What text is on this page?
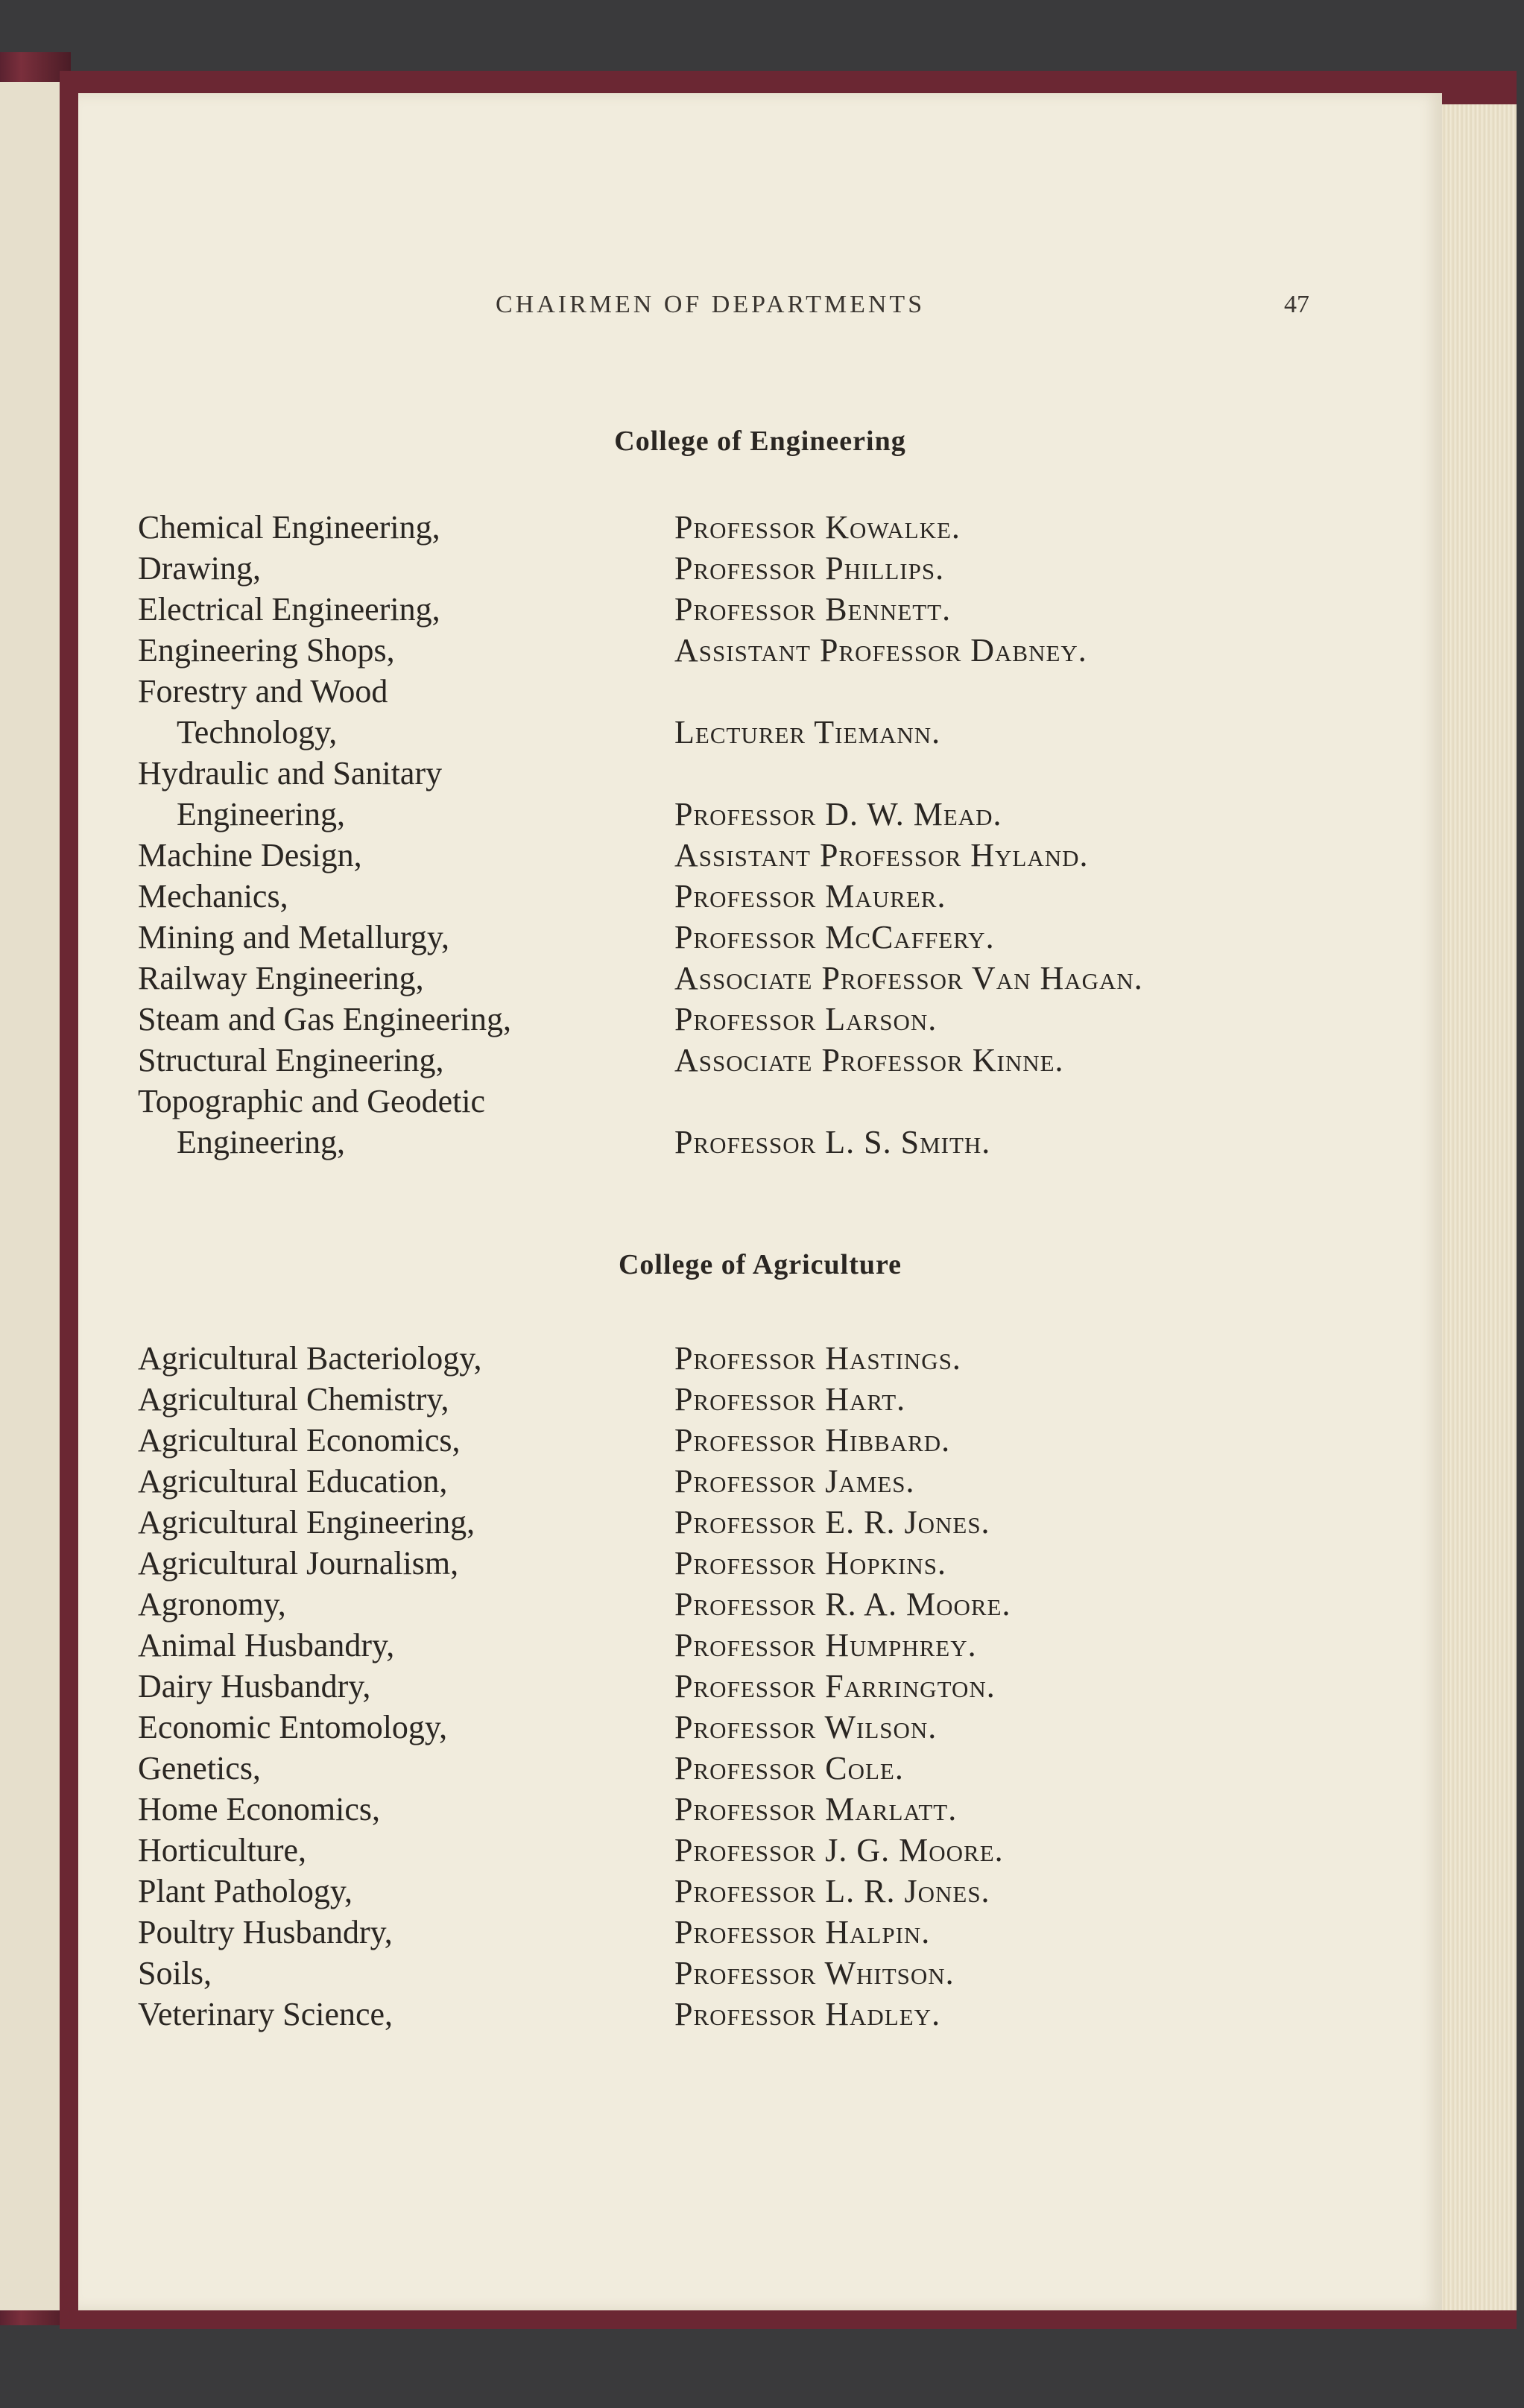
CHAIRMEN OF DEPARTMENTS	47
College of Engineering
Chemical Engineering,	Professor Kowalke.
Drawing,	Professor Phillips.
Electrical Engineering,	Professor Bennett.
Engineering Shops,	Assistant Professor Dabney.
Forestry and Wood
Technology,	Lecturer Tiemann.
Hydraulic and Sanitary
Engineering,	Professor D. W. Mead.
Machine Design,	Assistant Professor Hyland.
Mechanics,	Professor Maurer.
Mining and Metallurgy,	Professor McCaffery.
Railway Engineering,	Associate Professor Van Hagan.
Steam and Gas Engineering,	Professor Larson.
Structural Engineering,	Associate Professor Kinne.
Topographic and Geodetic
Engineering,	Professor L. S. Smith.
College of Agriculture
Agricultural Bacteriology,	Professor Hastings.
Agricultural Chemistry,	Professor Hart.
Agricultural Economics,	Professor Hibbard.
Agricultural Education,	Professor James.
Agricultural Engineering,	Professor E. R. Jones.
Agricultural Journalism,	Professor Hopkins.
Agronomy,	Professor R. A. Moore.
Animal Husbandry,	Professor Humphrey.
Dairy Husbandry,	Professor Farrington.
Economic Entomology,	Professor Wilson.
Genetics,	Professor Cole.
Home Economics,	Professor Marlatt.
Horticulture,	Professor J. G. Moore.
Plant Pathology,	Professor L. R. Jones.
Poultry Husbandry,	Professor Halpin.
Soils,	Professor Whitson.
Veterinary Science,	Professor Hadley.
